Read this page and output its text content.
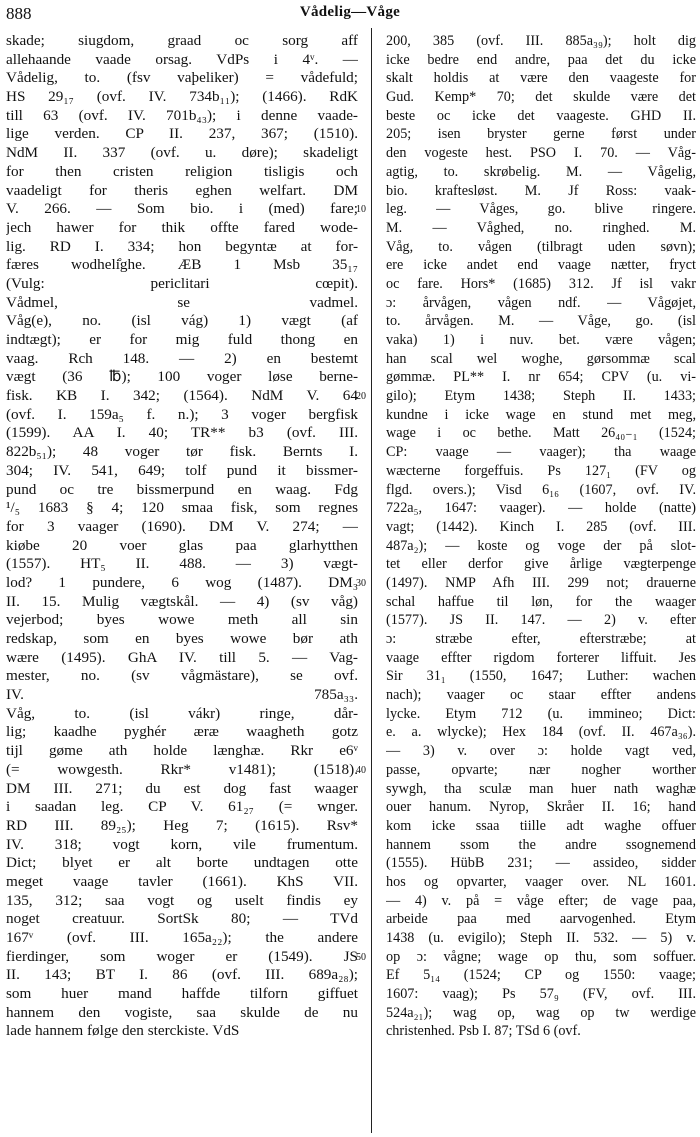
888	Vådelig—Våge
skade; siugdom, graad oc sorg aff
allehaande vaade orsag. VdPs i 4ᵛ. —
Vådelig, to. (fsv vaþeliker) = vådefuld;
HS 29₁₇ (ovf. IV. 734b₁₁); (1466). RdK
till 63 (ovf. IV. 701b₄₃); i denne vaade-
lige verden. CP II. 237, 367; (1510).
NdM II. 337 (ovf. u. døre); skadeligt
for then cristen religion tisligis och
vaadeligt for theris eghen welfart. DM
V. 266. — Som bio. i (med) fare;
jech hawer for thik offte fared wode-
lig. RD I. 334; hon begyntæ at for-
færes wodheli̊ghe. ÆB 1 Msb 35₁₇
(Vulg: periclitari cœpit).
Vådmel, se vadmel.
Våg(e), no. (isl vág) 1) vægt (af
indtægt); er for mig fuld thong en
vaag. Rch 148. — 2) en bestemt
vægt (36 ℔); 100 voger løse berne-
fisk. KB I. 342; (1564). NdM V. 64
(ovf. I. 159a₅ f. n.); 3 voger bergfisk
(1599). AA I. 40; TR** b3 (ovf. III.
822b₅₁); 48 voger tør fisk. Bernts I.
304; IV. 541, 649; tolf pund it bissmer-
pund oc tre bissmerpund en waag. Fdg
¹/₅ 1683 § 4; 120 smaa fisk, som regnes
for 3 vaager (1690). DM V. 274; —
kiøbe 20 voer glas paa glarhytthen
(1557). HT₅ II. 488. — 3) vægt-
lod? 1 pundere, 6 wog (1487). DM₃
II. 15. Mulig vægtskål. — 4) (sv våg)
vejerbod; byes wowe meth all sin
redskap, som en byes wowe bør ath
wære (1495). GhA IV. till 5. — Vag-
mester, no. (sv vågmästare), se ovf.
IV. 785a₃₃.
Våg, to. (isl vákr) ringe, dår-
lig; kaadhe pyghér æræ waagheth gotz
tijl gøme ath holde længhæ. Rkr e6ᵛ
(= wowgesth. Rkr* v1481); (1518).
DM III. 271; du est dog fast waager
i saadan leg. CP V. 61₂₇ (= wnger.
RD III. 89₂₅); Heg 7; (1615). Rsv*
IV. 318; vogt korn, vile frumentum.
Dict; blyet er alt borte undtagen otte
meget vaage tavler (1661). KhS VII.
135, 312; saa vogt og uselt findis ey
noget creatuur. SortSk 80; — TVd
167ᵛ (ovf. III. 165a₂₂); the andere
fierdinger, som woger er (1549). JS
II. 143; BT I. 86 (ovf. III. 689a₂₈);
som huer mand haffde tilforn giffuet
hannem den vogiste, saa skulde de nu
lade hannem følge den sterckiste. VdS
200, 385 (ovf. III. 885a₃₉); holt dig
icke bedre end andre, paa det du icke
skalt holdis at være den vaageste for
Gud. Kemp* 70; det skulde være det
beste oc icke det vaageste. GHD II.
205; isen bryster gerne først under
den vogeste hest. PSO I. 70. — Våg-
agtig, to. skrøbelig. M. — Vågelig,
bio. kraftesløst. M. Jf Ross: vaak-
leg. — Våges, go. blive ringere.
M. — Våghed, no. ringhed. M.
Våg, to. vågen (tilbragt uden søvn);
ere icke andet end vaage nætter, fryct
oc fare. Hors* (1685) 312. Jf isl vakr
ɔ: årvågen, vågen ndf. — Vågøjet,
to. årvågen. M. — Våge, go. (isl
vaka) 1) i nuv. bet. være vågen;
han scal wel woghe, gørsommæ scal
gømmæ. PL** I. nr 654; CPV (u. vi-
gilo); Etym 1438; Steph II. 1433;
kundne i icke wage en stund met meg,
wage i oc bethe. Matt 26₄₀₋₁ (1524;
CP: vaage — vaager); tha waage
wæcterne forgeffuis. Ps 127₁ (FV og
flgd. overs.); Visd 6₁₆ (1607, ovf. IV.
722a₅, 1647: vaager). — holde (natte)
vagt; (1442). Kinch I. 285 (ovf. III.
487a₂); — koste og voge der på slot-
tet eller derfor give årlige vægterpenge
(1497). NMP Afh III. 299 not; drauerne
schal haffue til løn, for the waager
(1577). JS II. 147. — 2) v. efter
ɔ: stræbe efter, efterstræbe; at
vaage effter rigdom forterer liffuit. Jes
Sir 31₁ (1550, 1647; Luther: wachen
nach); vaager oc staar effter andens
lycke. Etym 712 (u. immineo; Dict:
e. a. wlycke); Hex 184 (ovf. II. 467a₃₆).
— 3) v. over ɔ: holde vagt ved,
passe, opvarte; nær nogher worther
sywgh, tha sculæ man huer nath waghæ
ouer hanum. Nyrop, Skråer II. 16; hand
kom icke ssaa tiille adt waghe offuer
hannem ssom the andre ssognemend
(1555). HübB 231; — assideo, sidder
hos og opvarter, vaager over. NL 1601.
— 4) v. på = våge efter; de vage paa,
arbeide paa med aarvogenhed. Etym
1438 (u. evigilo); Steph II. 532. — 5) v.
op ɔ: vågne; wage op thu, som soffuer.
Ef 5₁₄ (1524; CP og 1550: vaage;
1607: vaag); Ps 57₉ (FV, ovf. III.
524a₂₁); wag op, wag op tw werdige
christenhed. Psb I. 87; TSd 6 (ovf.
10
20
30
40
50
